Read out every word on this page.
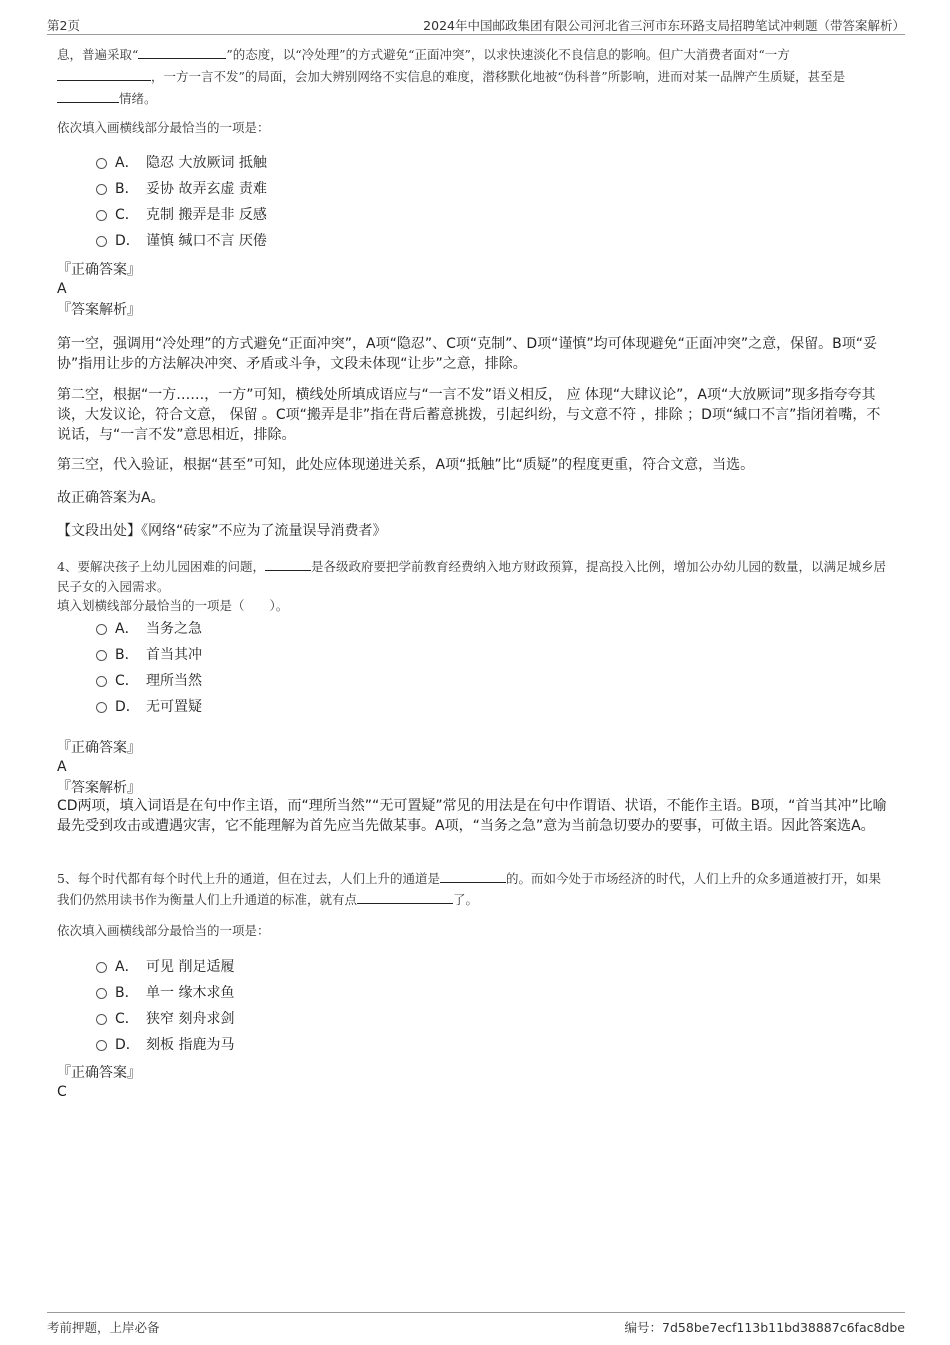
第2页	2024年中国邮政集团有限公司河北省三河市东环路支局招聘笔试冲刺题（带答案解析）

息，普遍采取“	”的态度，以“冷处理”的方式避免“正面冲突”，以求快速淡化不良信息的影响。但广大消费者面对“一方

，一方一言不发”的局面，会加大辨别网络不实信息的难度，潜移默化地被“伪科普”所影响，进而对某一品牌产生质疑，甚至是

情绪。

依次填入画横线部分最恰当的一项是：
A． 隐忍 大放厥词 抵触
B． 妥协 故弄玄虚 责难
C． 克制 搬弄是非 反感
D． 谨慎 缄口不言 厌倦
『正确答案』
A
『答案解析』
第一空，强调用“冷处理”的方式避免“正面冲突”，A项“隐忍”、C项“克制”、D项“谨慎”均可体现避免“正面冲突”之意，保留。B项“妥协”指用让步的方法解决冲突、矛盾或斗争，文段未体现“让步”之意，排除。
第二空，根据“一方……，一方”可知，横线处所填成语应与“一言不发”语义相反， 应 体现“大肆议论”，A项“大放厥词”现多指夸夸其谈，大发议论，符合文意， 保留 。C项“搬弄是非”指在背后蓄意挑拨，引起纠纷，与文意不符 ，排除 ；D项“缄口不言”指闭着嘴，不说话，与“一言不发”意思相近，排除。
第三空，代入验证，根据“甚至”可知，此处应体现递进关系，A项“抵触”比“质疑”的程度更重，符合文意，当选。
故正确答案为A。
【文段出处】《网络“砖家”不应为了流量误导消费者》
4、要解决孩子上幼儿园困难的问题，	是各级政府要把学前教育经费纳入地方财政预算，提高投入比例，增加公办幼儿园的数量，以满足城乡居民子女的入园需求。
填入划横线部分最恰当的一项是（　　）。
A． 当务之急
B． 首当其冲
C． 理所当然
D． 无可置疑
『正确答案』
A
『答案解析』
CD两项，填入词语是在句中作主语，而“理所当然”“无可置疑”常见的用法是在句中作谓语、状语，不能作主语。B项，“首当其冲”比喻最先受到攻击或遭遇灾害，它不能理解为首先应当先做某事。A项，“当务之急”意为当前急切要办的要事，可做主语。因此答案选A。
5、每个时代都有每个时代上升的通道，但在过去，人们上升的通道是	的。而如今处于市场经济的时代，人们上升的众多通道被打开，如果我们仍然用读书作为衡量人们上升通道的标准，就有点	了。
依次填入画横线部分最恰当的一项是：
A． 可见 削足适履
B． 单一 缘木求鱼
C． 狭窄 刻舟求剑
D． 刻板 指鹿为马
『正确答案』
C
考前押题，上岸必备	编号：7d58be7ecf113b11bd38887c6fac8dbe
